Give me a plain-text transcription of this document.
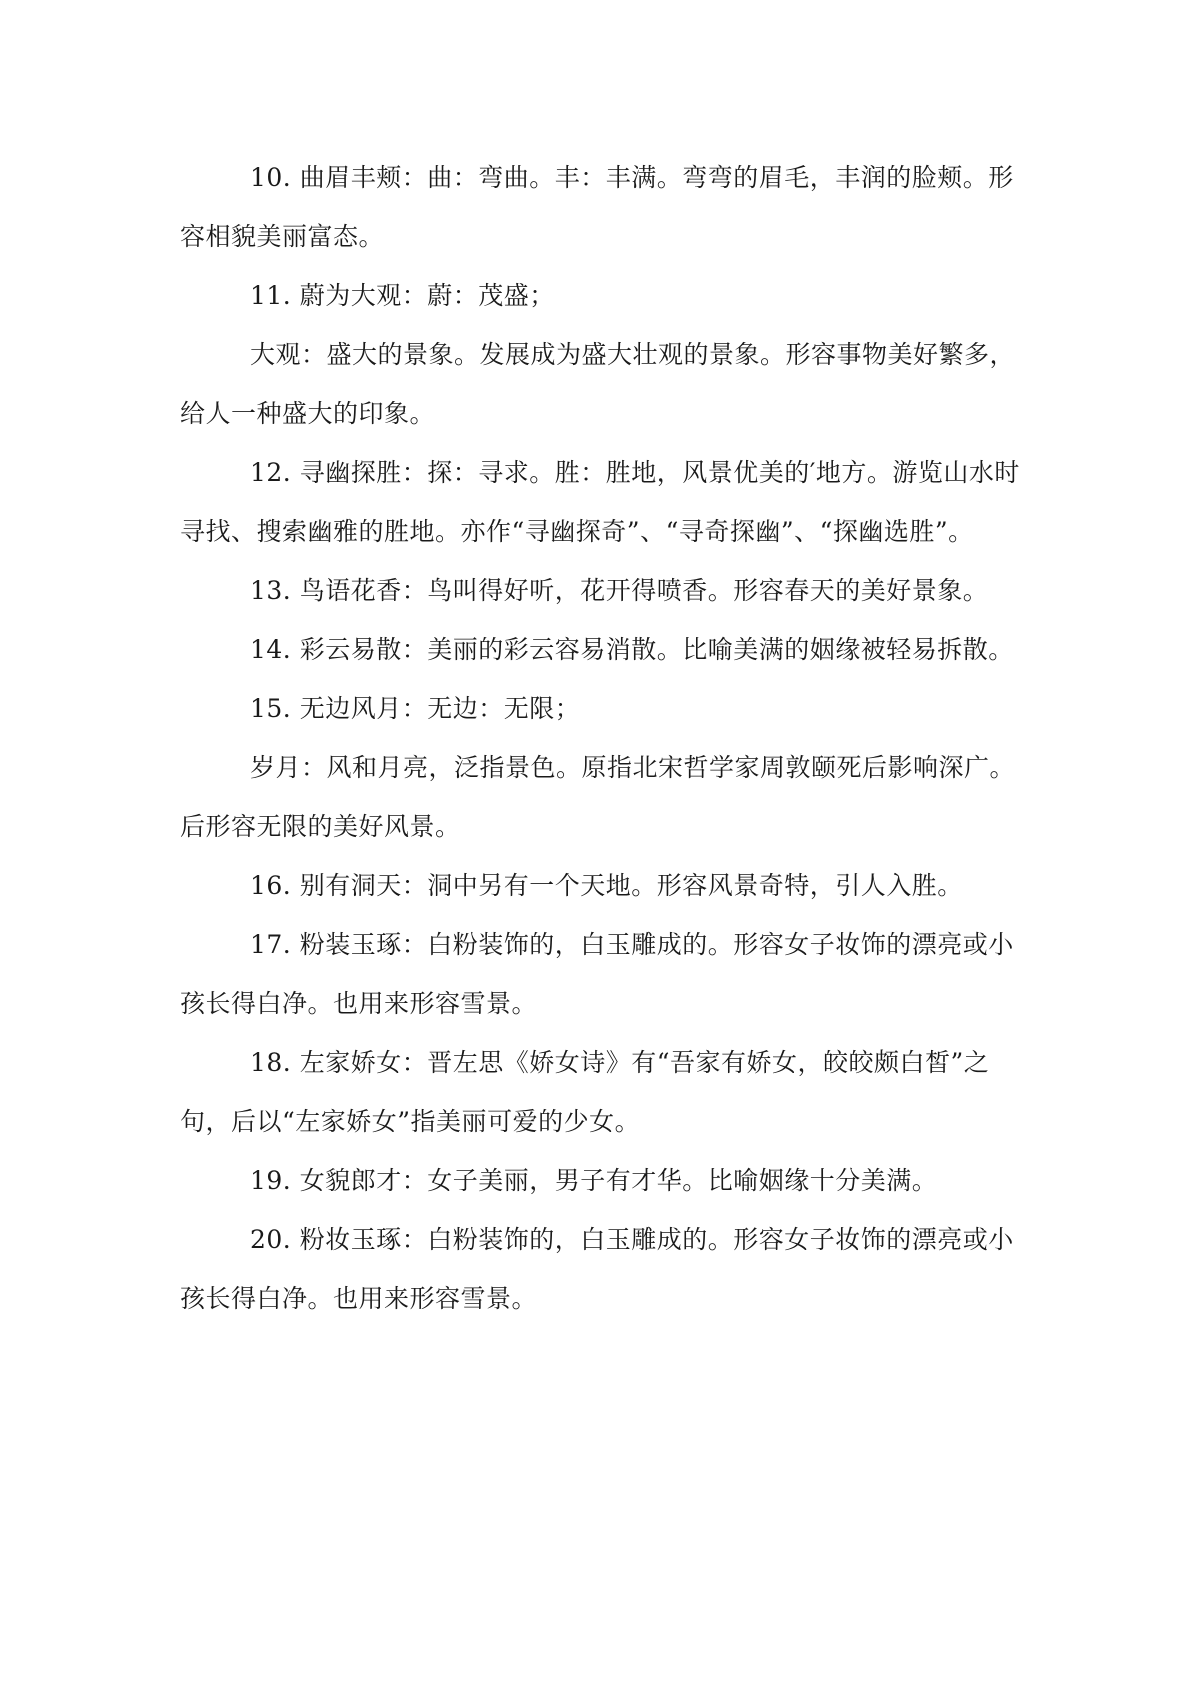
10. 曲眉丰颊：曲：弯曲。丰：丰满。弯弯的眉毛，丰润的脸颊。形容相貌美丽富态。

11. 蔚为大观：蔚：茂盛；

大观：盛大的景象。发展成为盛大壮观的景象。形容事物美好繁多，给人一种盛大的印象。

12. 寻幽探胜：探：寻求。胜：胜地，风景优美的′地方。游览山水时寻找、搜索幽雅的胜地。亦作“寻幽探奇”、“寻奇探幽”、“探幽选胜”。

13. 鸟语花香：鸟叫得好听，花开得喷香。形容春天的美好景象。

14. 彩云易散：美丽的彩云容易消散。比喻美满的姻缘被轻易拆散。

15. 无边风月：无边：无限；

岁月：风和月亮，泛指景色。原指北宋哲学家周敦颐死后影响深广。后形容无限的美好风景。

16. 别有洞天：洞中另有一个天地。形容风景奇特，引人入胜。

17. 粉装玉琢：白粉装饰的，白玉雕成的。形容女子妆饰的漂亮或小孩长得白净。也用来形容雪景。

18. 左家娇女：晋左思《娇女诗》有“吾家有娇女，皎皎颇白皙”之句，后以“左家娇女”指美丽可爱的少女。

19. 女貌郎才：女子美丽，男子有才华。比喻姻缘十分美满。

20. 粉妆玉琢：白粉装饰的，白玉雕成的。形容女子妆饰的漂亮或小孩长得白净。也用来形容雪景。
